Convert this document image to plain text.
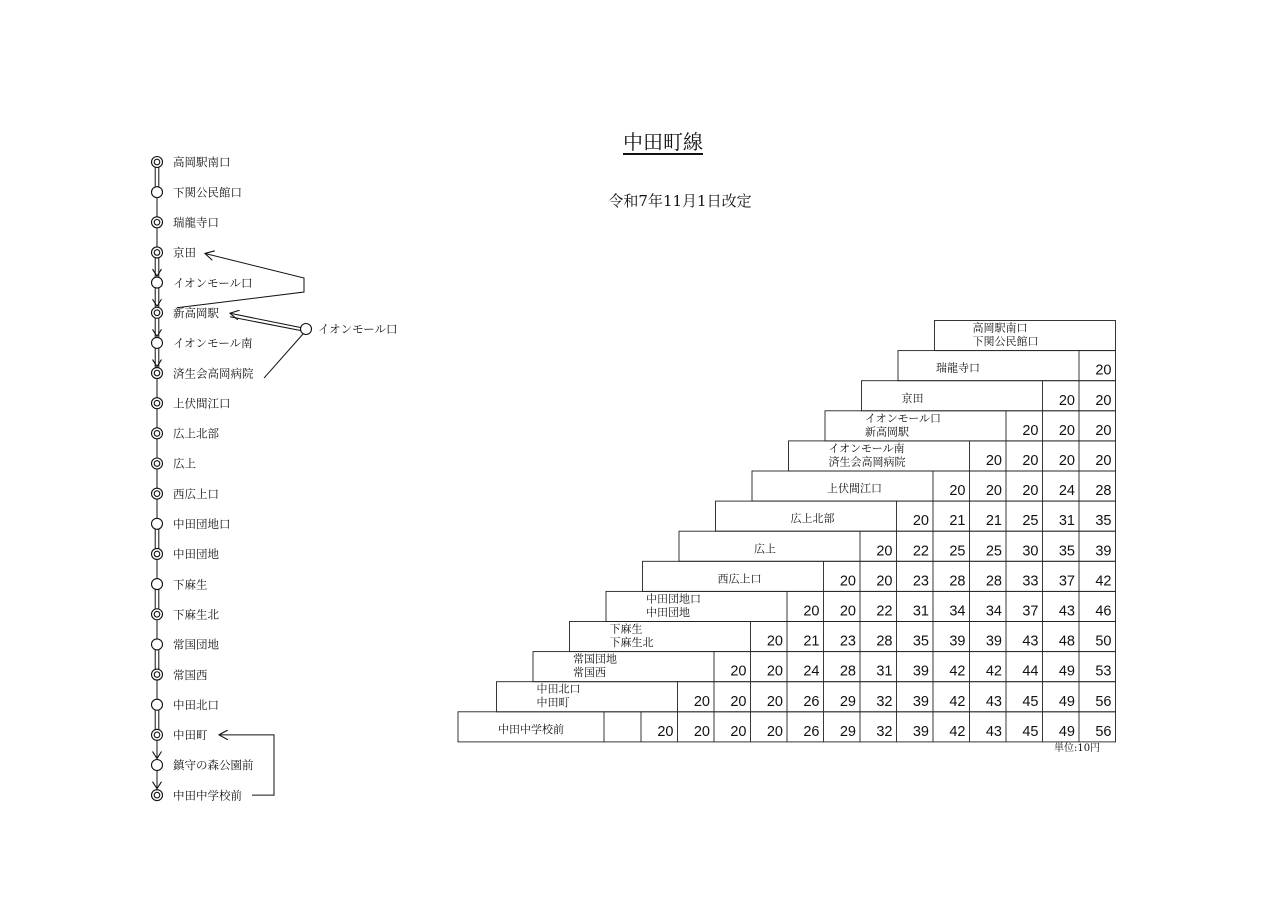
中田町線
令和7年11月1日改定
高岡駅南口
下関公民館口
瑞龍寺口
京田
イオンモール口
新高岡駅
イオンモール南
済生会高岡病院
上伏間江口
広上北部
広上
西広上口
中田団地口
中田団地
下麻生
下麻生北
常国団地
常国西
中田北口
中田町
鎮守の森公園前
中田中学校前
イオンモール口	高岡駅南口
下関公民館口
20
瑞龍寺口
20 20
京田
20 20 20
イオンモール口
新高岡駅
20 20 20 20
イオンモール南
済生会高岡病院
20 20 20 24 28
上伏間江口
20 21 21 25 31 35
広上北部
20 22 25 25 30 35 39
広上
20 20 23 28 28 33 37 42
西広上口
20 20 22 31 34 34 37 43 46
中田団地口
中田団地
20 21 23 28 35 39 39 43 48 50
下麻生
下麻生北
20 20 24 28 31 39 42 42 44 49 53
常国団地
常国西
20 20 20 26 29 32 39 42 43 45 49 56
中田北口
中田町
20 20 20 20 26 29 32 39 42 43 45 49 56
中田中学校前
単位:10円
